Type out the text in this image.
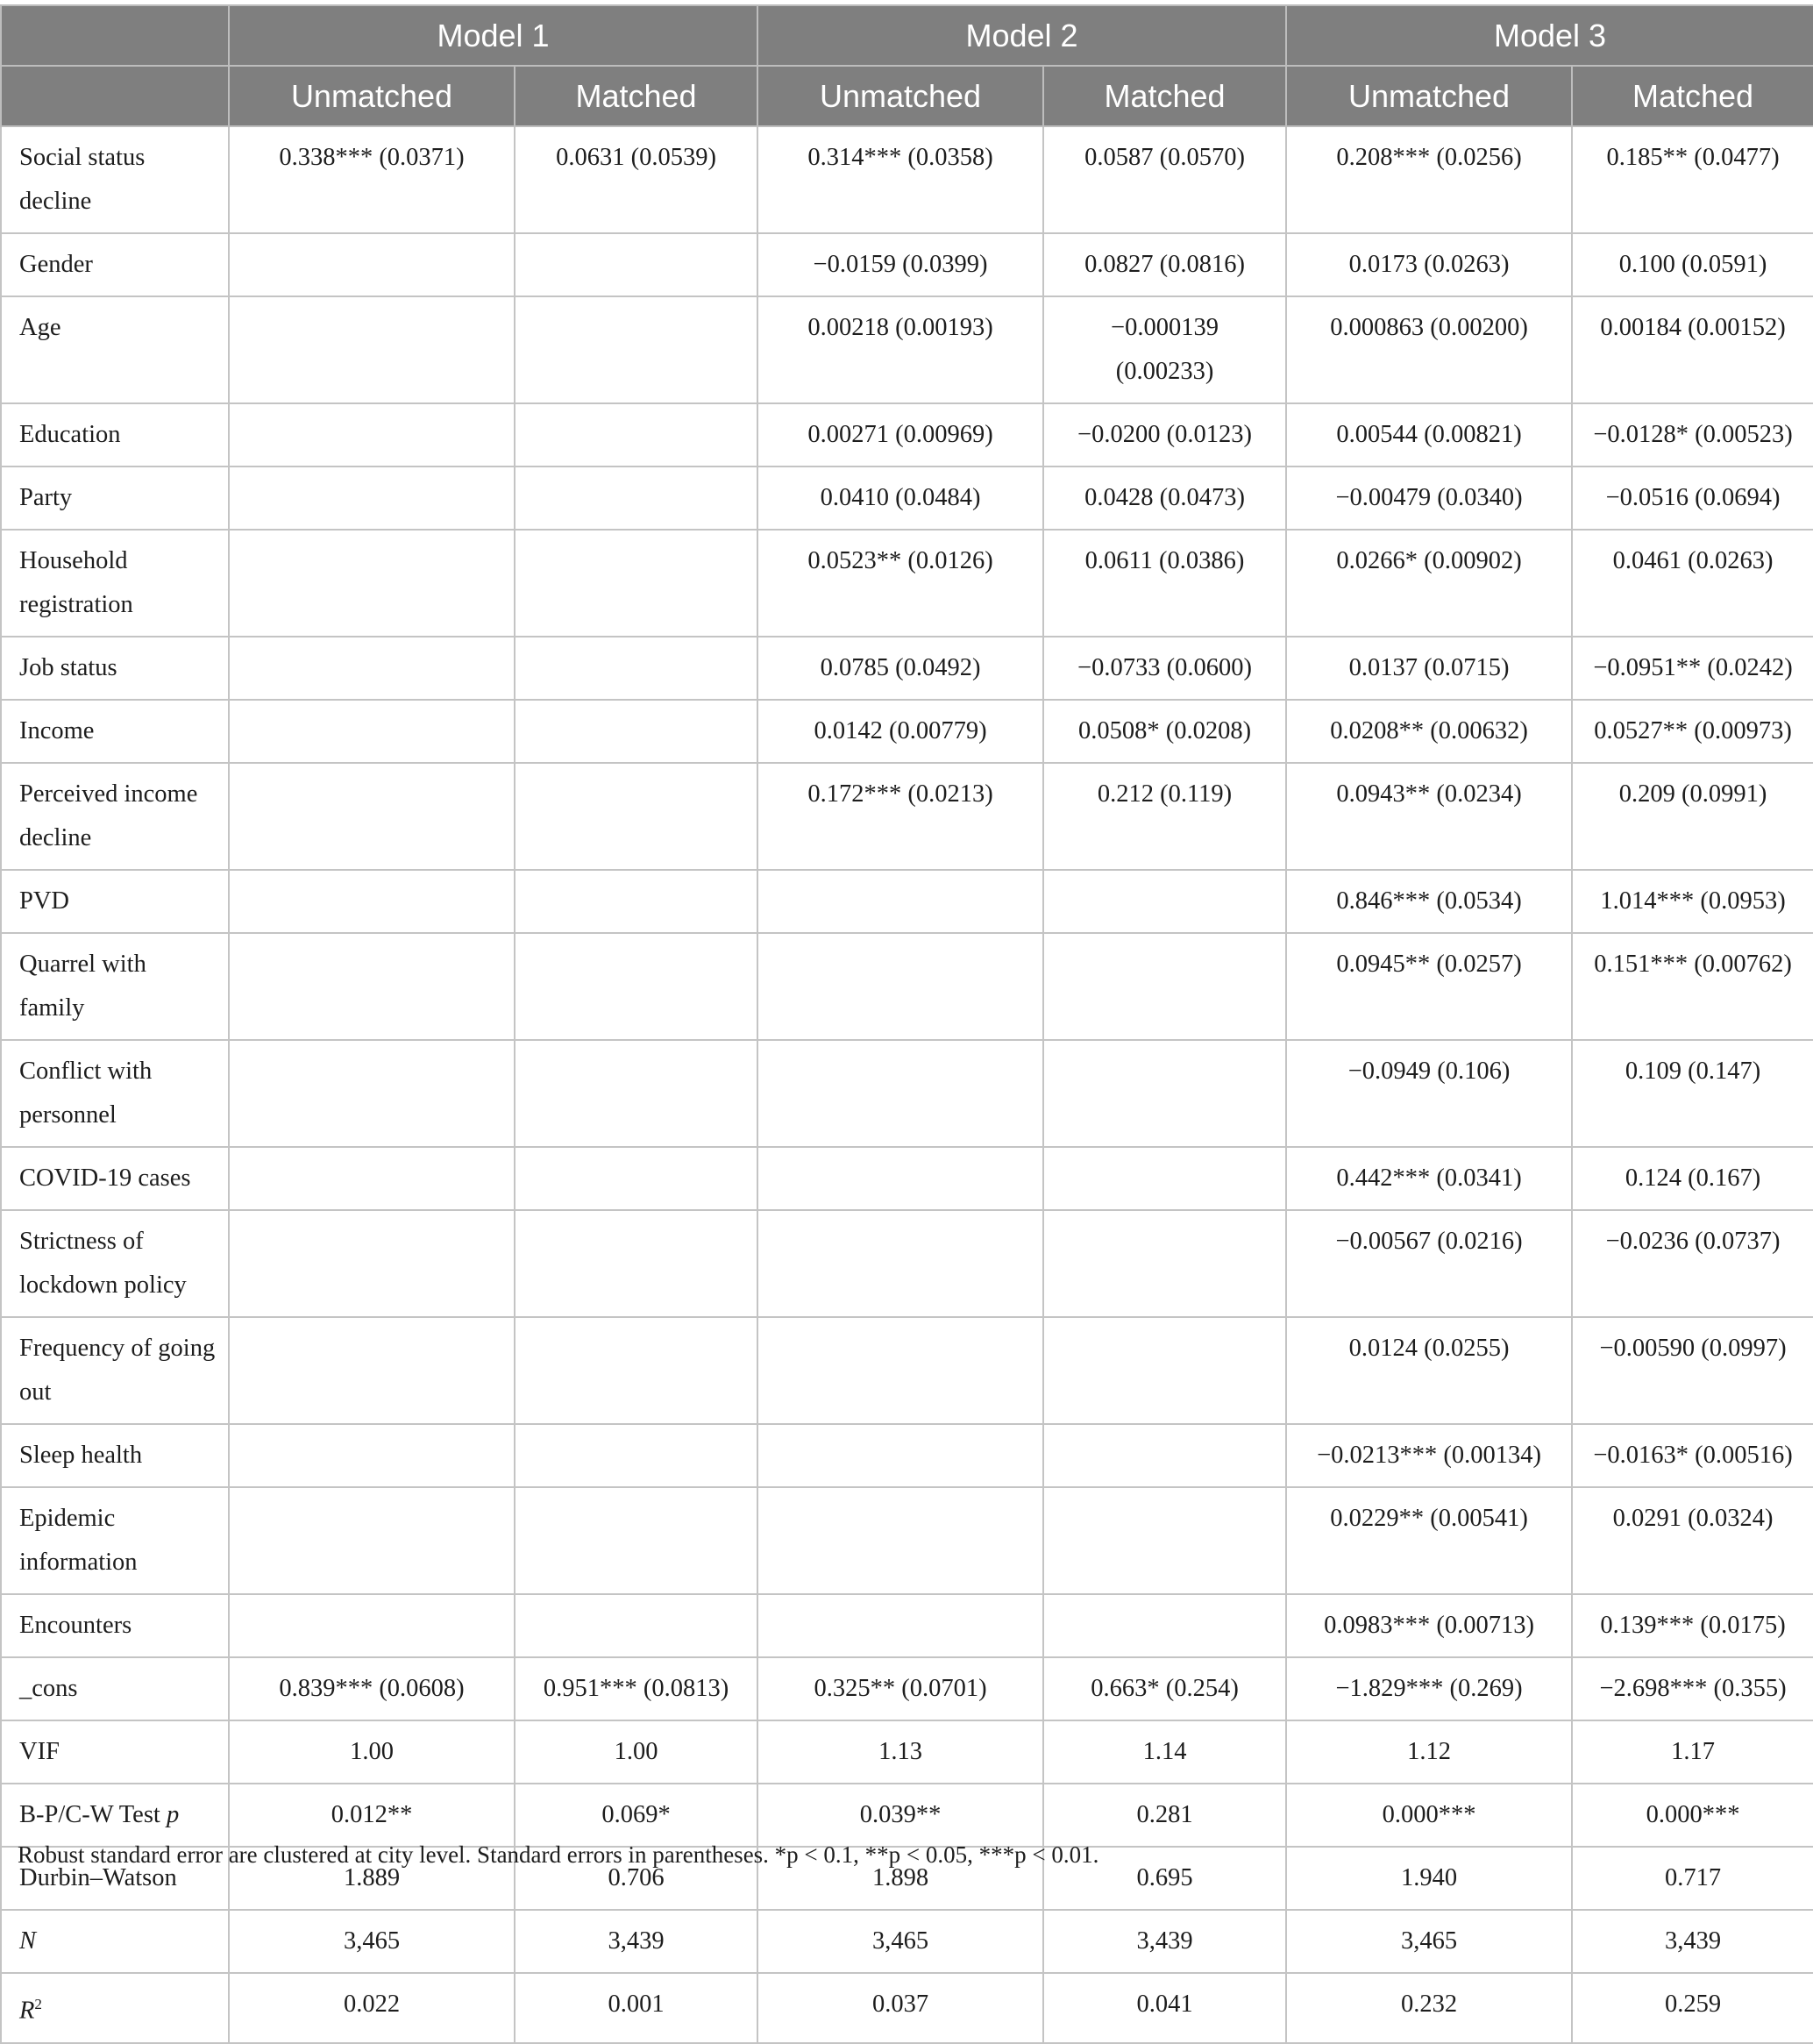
	Model 1		Model 2		Model 3	
	Unmatched	Matched	Unmatched	Matched	Unmatched	Matched
Social status decline	0.338*** (0.0371)	0.0631 (0.0539)	0.314*** (0.0358)	0.0587 (0.0570)	0.208*** (0.0256)	0.185** (0.0477)
Gender			−0.0159 (0.0399)	0.0827 (0.0816)	0.0173 (0.0263)	0.100 (0.0591)
Age			0.00218 (0.00193)	−0.000139 (0.00233)	0.000863 (0.00200)	0.00184 (0.00152)
Education			0.00271 (0.00969)	−0.0200 (0.0123)	0.00544 (0.00821)	−0.0128* (0.00523)
Party			0.0410 (0.0484)	0.0428 (0.0473)	−0.00479 (0.0340)	−0.0516 (0.0694)
Household registration			0.0523** (0.0126)	0.0611 (0.0386)	0.0266* (0.00902)	0.0461 (0.0263)
Job status			0.0785 (0.0492)	−0.0733 (0.0600)	0.0137 (0.0715)	−0.0951** (0.0242)
Income			0.0142 (0.00779)	0.0508* (0.0208)	0.0208** (0.00632)	0.0527** (0.00973)
Perceived income decline			0.172*** (0.0213)	0.212 (0.119)	0.0943** (0.0234)	0.209 (0.0991)
PVD					0.846*** (0.0534)	1.014*** (0.0953)
Quarrel with family					0.0945** (0.0257)	0.151*** (0.00762)
Conflict with personnel					−0.0949 (0.106)	0.109 (0.147)
COVID-19 cases					0.442*** (0.0341)	0.124 (0.167)
Strictness of lockdown policy					−0.00567 (0.0216)	−0.0236 (0.0737)
Frequency of going out					0.0124 (0.0255)	−0.00590 (0.0997)
Sleep health					−0.0213*** (0.00134)	−0.0163* (0.00516)
Epidemic information					0.0229** (0.00541)	0.0291 (0.0324)
Encounters					0.0983*** (0.00713)	0.139*** (0.0175)
_cons	0.839*** (0.0608)	0.951*** (0.0813)	0.325** (0.0701)	0.663* (0.254)	−1.829*** (0.269)	−2.698*** (0.355)
VIF	1.00	1.00	1.13	1.14	1.12	1.17
B-P/C-W Test p	0.012**	0.069*	0.039**	0.281	0.000***	0.000***
Durbin–Watson	1.889	0.706	1.898	0.695	1.940	0.717
N	3,465	3,439	3,465	3,439	3,465	3,439
$R^2$	0.022	0.001	0.037	0.041	0.232	0.259
Robust standard error are clustered at city level. Standard errors in parentheses. *p < 0.1, **p < 0.05, ***p < 0.01.
